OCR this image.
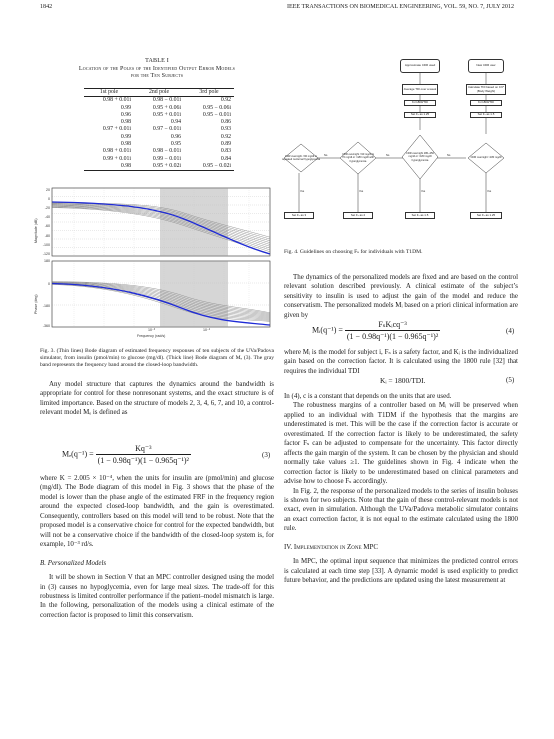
1842	IEEE TRANSACTIONS ON BIOMEDICAL ENGINEERING, VOL. 59, NO. 7, JULY 2012
TABLE I
Location of the Poles of the Identified Output Error Models
for the Ten Subjects
1st pole	2nd pole	3rd pole
0.98 + 0.01i	0.98 − 0.01i	0.92
0.99	0.95 + 0.06i	0.95 − 0.06i
0.96	0.95 + 0.01i	0.95 − 0.01i
0.98	0.94	0.86
0.97 + 0.01i	0.97 − 0.01i	0.93
0.99	0.96	0.92
0.98	0.95	0.89
0.98 + 0.01i	0.98 − 0.01i	0.83
0.99 + 0.01i	0.99 − 0.01i	0.84
0.98	0.95 + 0.02i	0.95 − 0.02i
Magnitude (dB)
Phase (deg)
20
0
-20
-40
-60
-80
-100
-120
180
0
-180
-360
10⁻³	10⁻²
Frequency (rad/s)
Fig. 3. (Thin lines) Bode diagram of estimated frequency responses of ten subjects of the UVa/Padova simulator, from insulin (pmol/min) to glucose (mg/dl). (Thick line) Bode diagram of Mₑ (3). The gray band represents the frequency band around the closed-loop bandwidth.

Any model structure that captures the dynamics around the bandwidth is appropriate for control for these nonresonant systems, and the exact structure is of limited importance. Based on the structure of models 2, 3, 4, 6, 7, and 10, a control-relevant model Mₑ is defined as

$M_e(q^{-1}) = \frac{\text{Kq⁻³}}{\text{(1 − 0.98q⁻¹)(1 − 0.965q⁻¹)²}}$	(3)

where K = 2.005 × 10⁻⁴, when the units for insulin are (pmol/min) and glucose (mg/dl). The Bode diagram of this model in Fig. 3 shows that the phase of the model is lower than the phase angle of the estimated FRF in the frequency region around the expected closed-loop bandwidth, and the gain is overestimated. Consequently, controllers based on this model will tend to be robust. Note that the proposed model is a conservative choice for control for the expected bandwidth, but will not be a conservative choice if the bandwidth of the closed-loop system is, for example, 10⁻³ rd/s.

B. Personalized Models

It will be shown in Section V that an MPC controller designed using the model in (3) causes no hypoglycemia, even for large meal sizes. The trade-off for this robustness is limited controller performance if the patient–model mismatch is large. In the following, personalization of the models using a clinical estimate of the correction factor is proposed to limit this conservatism.

Approximate CDR used	New CDR user
Average TDI over a week	Calculate TDI based on 0.6*(Body Weight)
Kᵢ=1800/TDI	Kᵢ=1800/TDI
Set Fₛ as 1.25	Set Fₛ as 1.5
CDR overnight <90 mg/dl or repeated nocturnal hypoglycemia
CDR overnight >90 mg/dl & 70 mg/dl or >180 mg/dl with hyperglycemia
CDR overnight 180~250 mg/dl or >180 mg/dl hyperglycemia
CDR overnight >180 mg/dl
No	No	No
Yes	Yes	Yes	Yes
Set Fₛ as 3	Set Fₛ as 2	Set Fₛ as 1.5	Set Fₛ as 1.25
Fig. 4. Guidelines on choosing Fₛ for individuals with T1DM.

The dynamics of the personalized models are fixed and are based on the control relevant solution described previously. A clinical estimate of the subject’s sensitivity to insulin is used to adjust the gain of the model and reduce the conservatism. The personalized models Mᵢ based on a priori clinical information are given by

Mᵢ(q⁻¹) = $\frac{\text{FₛKᵢcq⁻³}}{\text{(1 − 0.98q⁻¹)(1 − 0.965q⁻¹)²}}$	(4)

where Mᵢ is the model for subject i, Fₛ is a safety factor, and Kᵢ is the individualized gain based on the correction factor. It is calculated using the 1800 rule [32] that requires the individual TDI

Kᵢ = 1800/TDI.	(5)

In (4), c is a constant that depends on the units that are used.

The robustness margins of a controller based on Mᵢ will be preserved when applied to an individual with T1DM if the hypothesis that the margins are underestimated is met. This will be the case if the correction factor is accurate or overestimated. If the correction factor is likely to be underestimated, the safety factor Fₛ can be adjusted to compensate for the uncertainty. This factor directly affects the gain margin of the system. It can be chosen by the physician and should normally take values ≥1. The guidelines shown in Fig. 4 indicate when the correction factor is likely to be underestimated based on clinical parameters and advise how to choose Fₛ accordingly.

In Fig. 2, the response of the personalized models to the series of insulin boluses is shown for two subjects. Note that the gain of these control-relevant models is not exact, even in simulation. Although the UVa/Padova metabolic simulator contains an exact correction factor, it is not equal to the estimate calculated using the 1800 rule.

IV. Implementation in Zone MPC

In MPC, the optimal input sequence that minimizes the predicted control errors is calculated at each time step [33]. A dynamic model is used explicitly to predict future behavior, and the predictions are updated using the latest measurement at
